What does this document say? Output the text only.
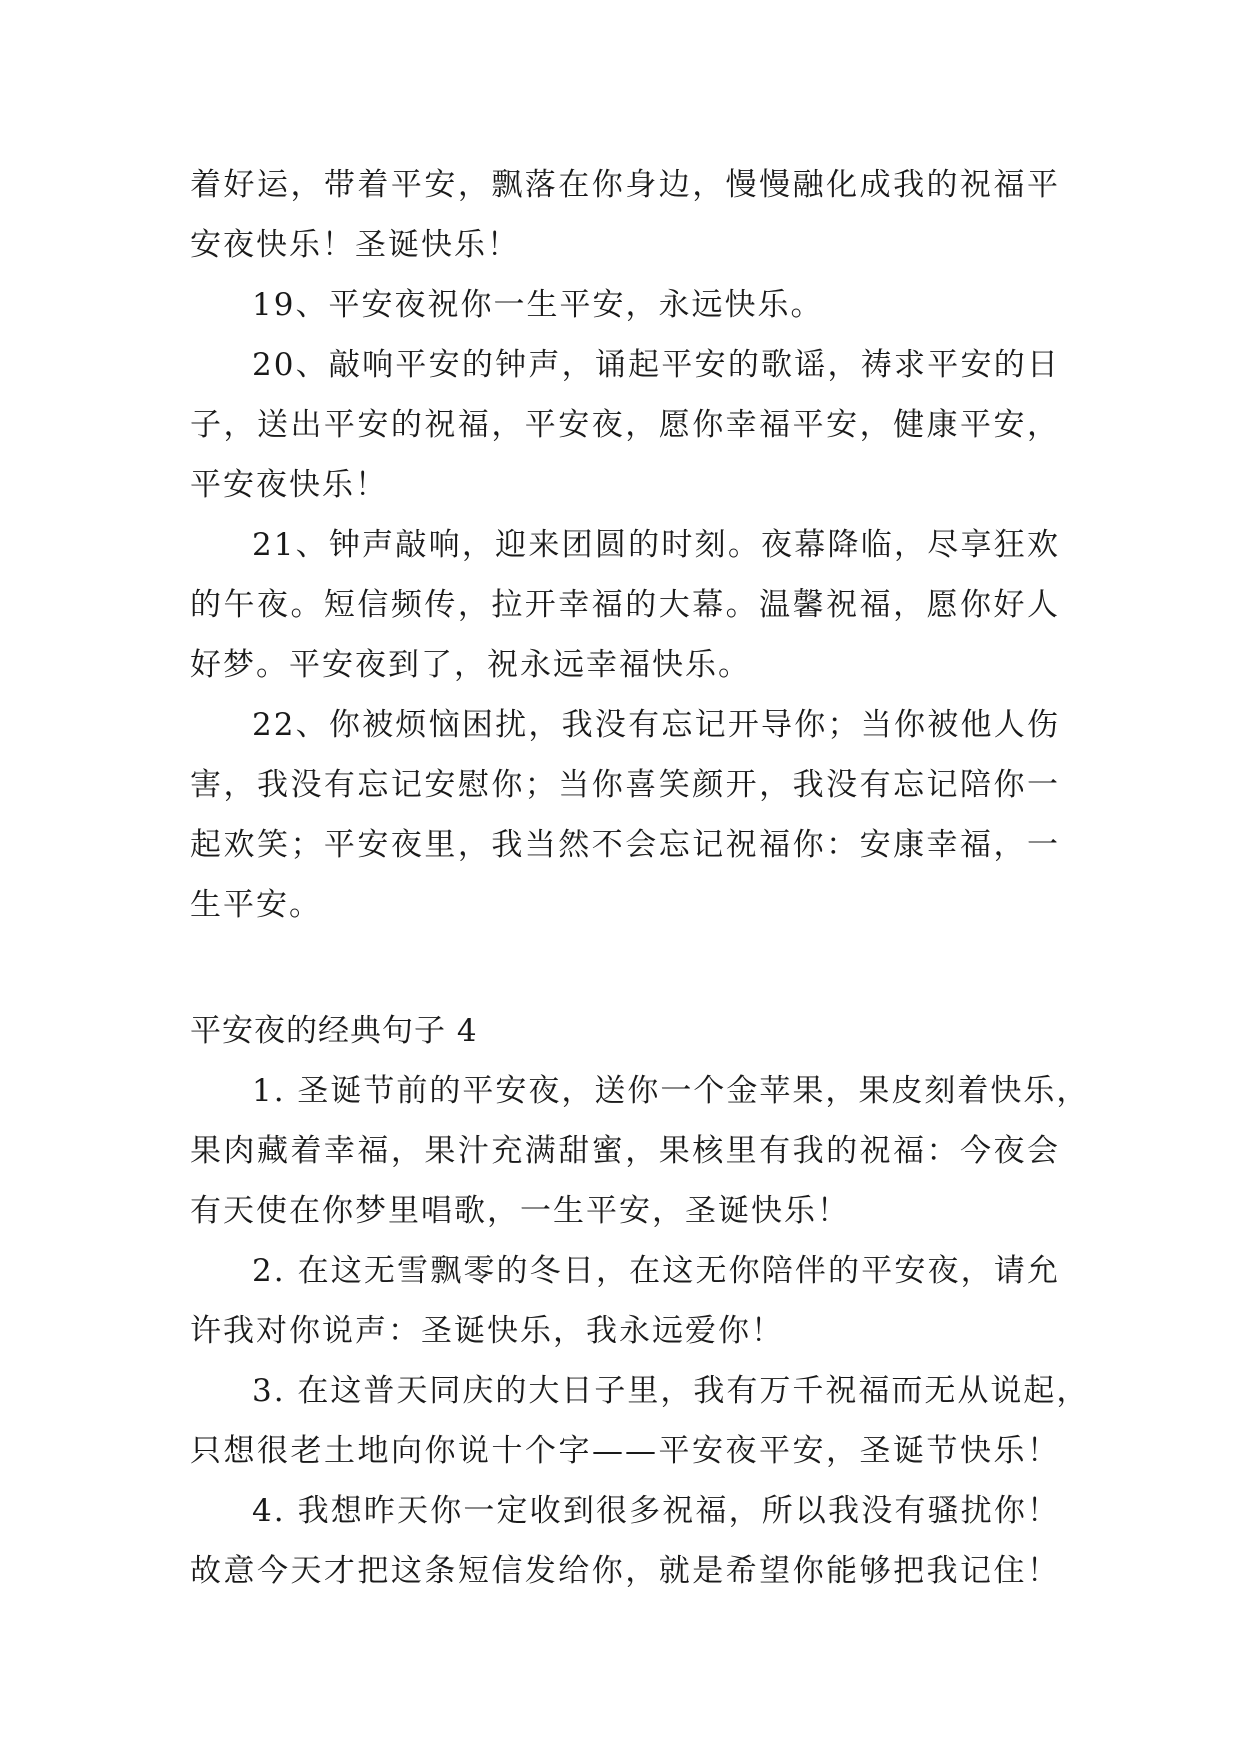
着好运，带着平安，飘落在你身边，慢慢融化成我的祝福平
安夜快乐！圣诞快乐！
19、平安夜祝你一生平安，永远快乐。
20、敲响平安的钟声，诵起平安的歌谣，祷求平安的日
子，送出平安的祝福，平安夜，愿你幸福平安，健康平安，
平安夜快乐！
21、钟声敲响，迎来团圆的时刻。夜幕降临，尽享狂欢
的午夜。短信频传，拉开幸福的大幕。温馨祝福，愿你好人
好梦。平安夜到了，祝永远幸福快乐。
22、你被烦恼困扰，我没有忘记开导你；当你被他人伤
害，我没有忘记安慰你；当你喜笑颜开，我没有忘记陪你一
起欢笑；平安夜里，我当然不会忘记祝福你：安康幸福，一
生平安。
平安夜的经典句子 4
1. 圣诞节前的平安夜，送你一个金苹果，果皮刻着快乐，
果肉藏着幸福，果汁充满甜蜜，果核里有我的祝福：今夜会
有天使在你梦里唱歌，一生平安，圣诞快乐！
2. 在这无雪飘零的冬日，在这无你陪伴的平安夜，请允
许我对你说声：圣诞快乐，我永远爱你！
3. 在这普天同庆的大日子里，我有万千祝福而无从说起，
只想很老土地向你说十个字——平安夜平安，圣诞节快乐！
4. 我想昨天你一定收到很多祝福，所以我没有骚扰你！
故意今天才把这条短信发给你，就是希望你能够把我记住！
